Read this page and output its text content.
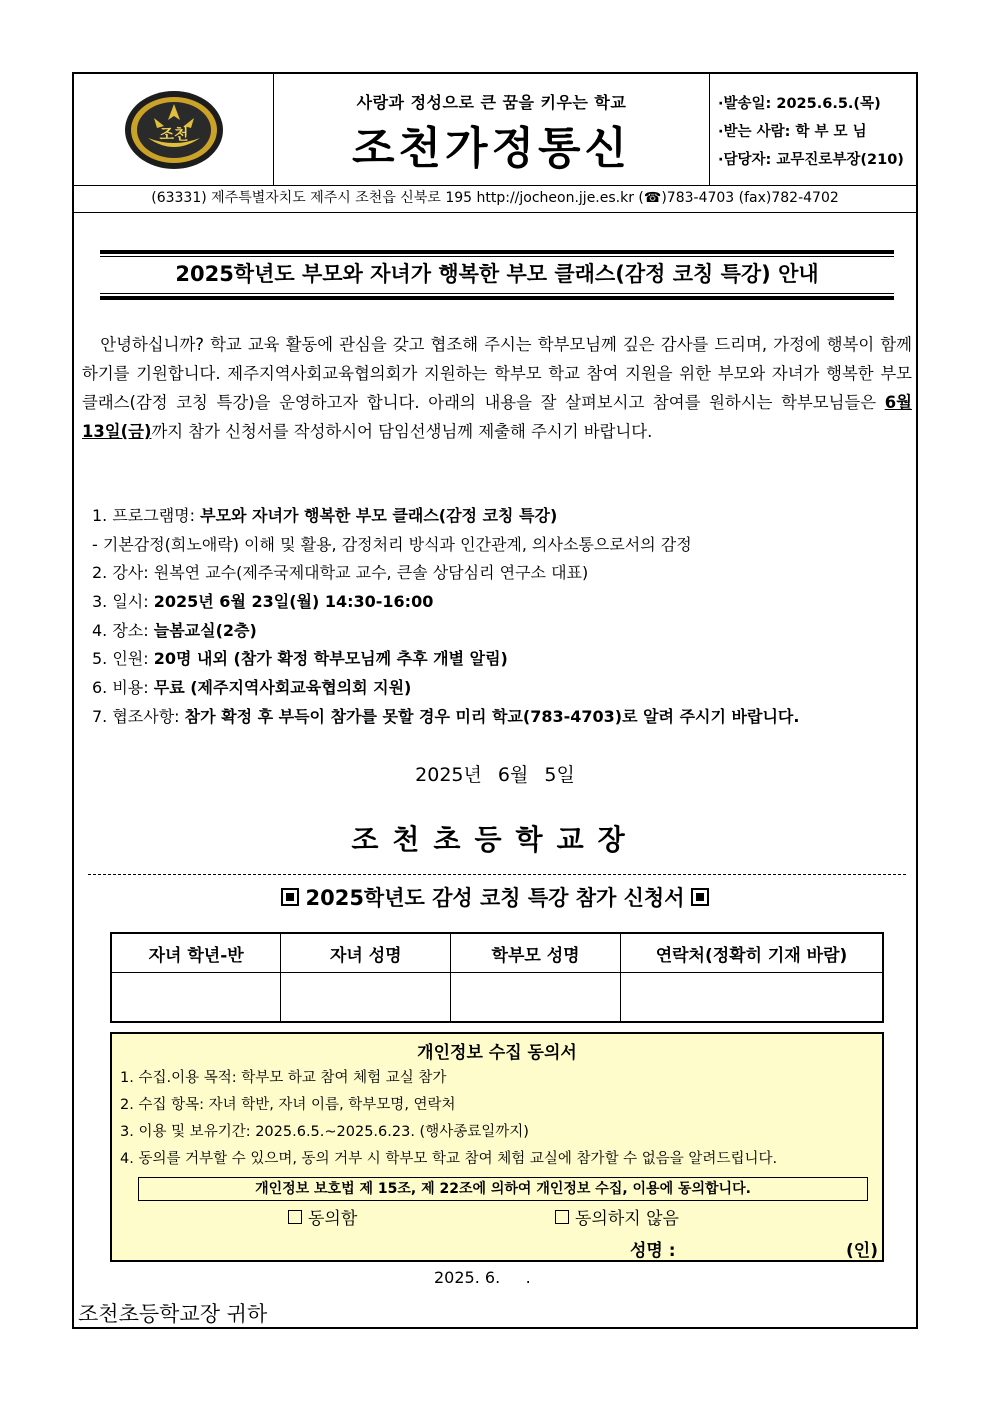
조천
사랑과 정성으로 큰 꿈을 키우는 학교
조천가정통신
·발송일: 2025.6.5.(목)
·받는 사람: 학 부 모 님
·담당자: 교무진로부장(210)
(63331) 제주특별자치도 제주시 조천읍 신북로 195 http://jocheon.jje.es.kr (☎)783-4703 (fax)782-4702
2025학년도 부모와 자녀가 행복한 부모 클래스(감정 코칭 특강) 안내
안녕하십니까? 학교 교육 활동에 관심을 갖고 협조해 주시는 학부모님께 깊은 감사를 드리며, 가정에 행복이 함께 하기를 기원합니다. 제주지역사회교육협의회가 지원하는 학부모 학교 참여 지원을 위한 부모와 자녀가 행복한 부모 클래스(감정 코칭 특강)을 운영하고자 합니다. 아래의 내용을 잘 살펴보시고 참여를 원하시는 학부모님들은 6월 13일(금)까지 참가 신청서를 작성하시어 담임선생님께 제출해 주시기 바랍니다.
1. 프로그램명: 부모와 자녀가 행복한 부모 클래스(감정 코칭 특강)
- 기본감정(희노애락) 이해 및 활용, 감정처리 방식과 인간관계, 의사소통으로서의 감정
2. 강사: 원복연 교수(제주국제대학교 교수, 큰솔 상담심리 연구소 대표)
3. 일시: 2025년 6월 23일(월) 14:30-16:00
4. 장소: 늘봄교실(2층)
5. 인원: 20명 내외 (참가 확정 학부모님께 추후 개별 알림)
6. 비용: 무료 (제주지역사회교육협의회 지원)
7. 협조사항: 참가 확정 후 부득이 참가를 못할 경우 미리 학교(783-4703)로 알려 주시기 바랍니다.
2025년 6월 5일
조천초등학교장
2025학년도 감성 코칭 특강 참가 신청서
자녀 학년-반	자녀 성명	학부모 성명	연락처(정확히 기재 바람)

개인정보 수집 동의서
1. 수집.이용 목적: 학부모 하교 참여 체험 교실 참가
2. 수집 항목: 자녀 학반, 자녀 이름, 학부모명, 연락처
3. 이용 및 보유기간: 2025.6.5.~2025.6.23. (행사종료일까지)
4. 동의를 거부할 수 있으며, 동의 거부 시 학부모 학교 참여 체험 교실에 참가할 수 없음을 알려드립니다.
개인정보 보호법 제 15조, 제 22조에 의하여 개인정보 수집, 이용에 동의합니다.
동의함	동의하지 않음
성명 :	(인)
2025. 6.     .
조천초등학교장 귀하
